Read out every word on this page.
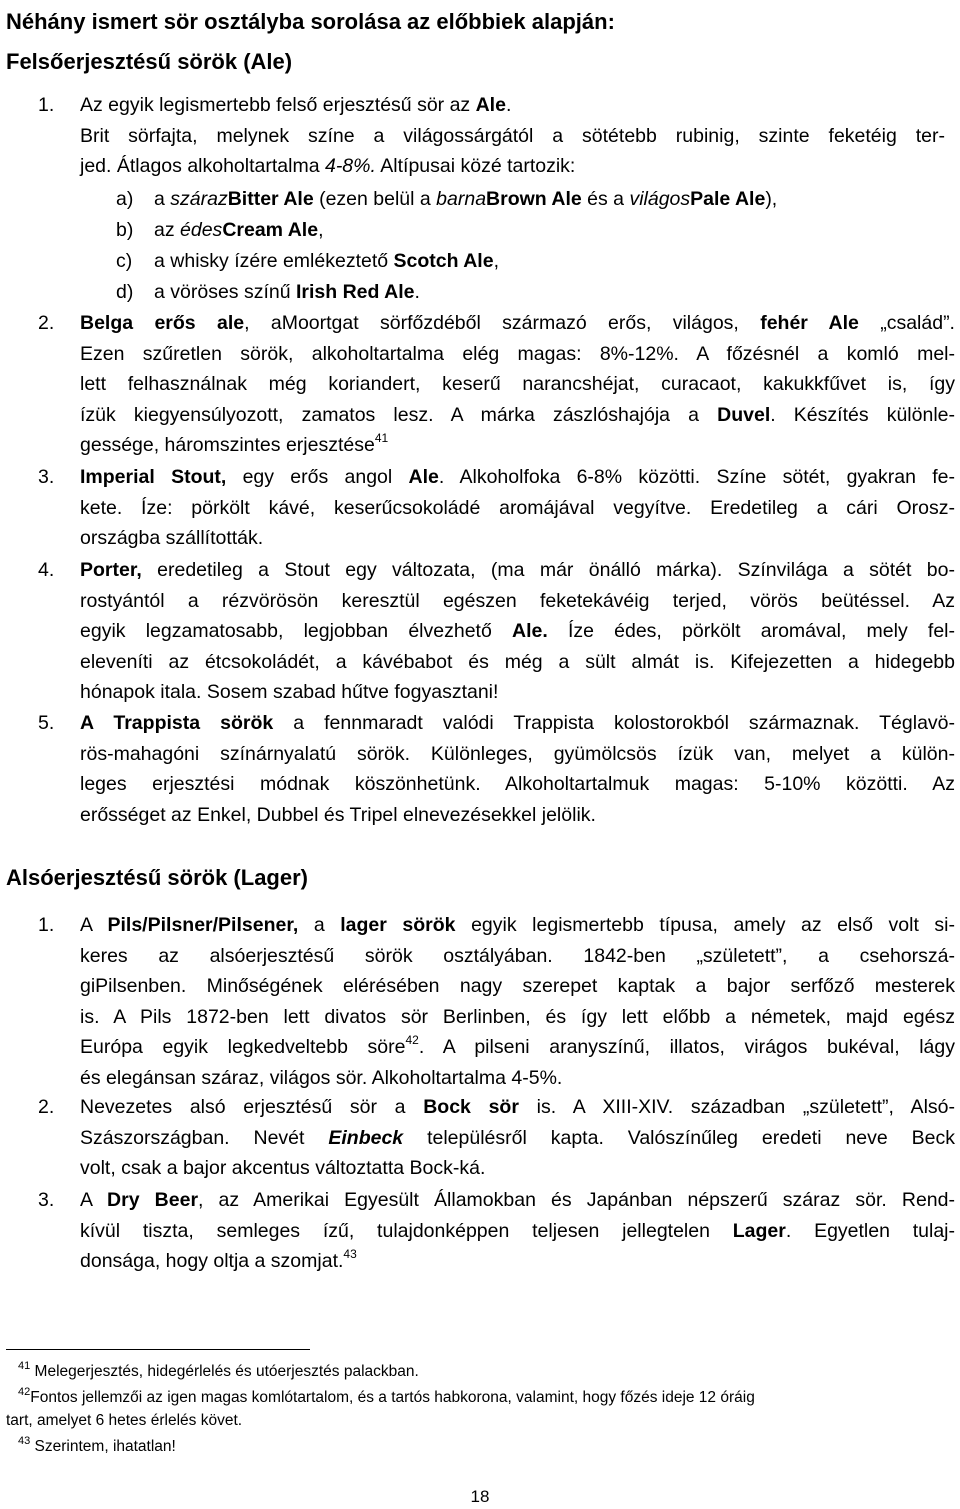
Néhány ismert sör osztályba sorolása az előbbiek alapján:
Felsőerjesztésű sörök (Ale)
1. Az egyik legismertebb felső erjesztésű sör az Ale.
Brit sörfajta, melynek színe a világossárgától a sötétebb rubinig, szinte feketéig ter-
jed. Átlagos alkoholtartalma 4-8%. Altípusai közé tartozik:
a) a szárazBitter Ale (ezen belül a barnaBrown Ale és a világosPale Ale),
b) az édesCream Ale,
c) a whisky ízére emlékeztető Scotch Ale,
d) a vöröses színű Irish Red Ale.
2. Belga erős ale, aMoortgat sörfőzdéből származó erős, világos, fehér Ale „család”.
Ezen szűretlen sörök, alkoholtartalma elég magas: 8%-12%. A főzésnél a komló mel-
lett felhasználnak még koriandert, keserű narancshéjat, curacaot, kakukkfűvet is, így
ízük kiegyensúlyozott, zamatos lesz. A márka zászlóshajója a Duvel. Készítés különle-
gessége, háromszintes erjesztése$^{41}$
3. Imperial Stout, egy erős angol Ale. Alkoholfoka 6-8% közötti. Színe sötét, gyakran fe-
kete. Íze: pörkölt kávé, keserűcsokoládé aromájával vegyítve. Eredetileg a cári Orosz-
országba szállították.
4. Porter, eredetileg a Stout egy változata, (ma már önálló márka). Színvilága a sötét bo-
rostyántól a rézvörösön keresztül egészen feketekávéig terjed, vörös beütéssel. Az
egyik legzamatosabb, legjobban élvezhető Ale. Íze édes, pörkölt aromával, mely fel-
eleveníti az étcsokoládét, a kávébabot és még a sült almát is. Kifejezetten a hidegebb
hónapok itala. Sosem szabad hűtve fogyasztani!
5. A Trappista sörök a fennmaradt valódi Trappista kolostorokból származnak. Téglavö-
rös-mahagóni színárnyalatú sörök. Különleges, gyümölcsös ízük van, melyet a külön-
leges erjesztési módnak köszönhetünk. Alkoholtartalmuk magas: 5-10% közötti. Az
erősséget az Enkel, Dubbel és Tripel elnevezésekkel jelölik.
Alsóerjesztésű sörök (Lager)
1. A Pils/Pilsner/Pilsener, a lager sörök egyik legismertebb típusa, amely az első volt si-
keres az alsóerjesztésű sörök osztályában. 1842-ben „született”, a csehorszá-
giPilsenben. Minőségének elérésében nagy szerepet kaptak a bajor serfőző mesterek
is. A Pils 1872-ben lett divatos sör Berlinben, és így lett előbb a németek, majd egész
Európa egyik legkedveltebb söre$^{42}$. A pilseni aranyszínű, illatos, virágos bukéval, lágy
és elegánsan száraz, világos sör. Alkoholtartalma 4-5%.
2. Nevezetes alsó erjesztésű sör a Bock sör is. A XIII-XIV. században „született”, Alsó-
Szászországban. Nevét Einbeck településről kapta. Valószínűleg eredeti neve Beck
volt, csak a bajor akcentus változtatta Bock-ká.
3. A Dry Beer, az Amerikai Egyesült Államokban és Japánban népszerű száraz sör. Rend-
kívül tiszta, semleges ízű, tulajdonképpen teljesen jellegtelen Lager. Egyetlen tulaj-
donsága, hogy oltja a szomjat.$^{43}$
$^{41}$ Melegerjesztés, hidegérlelés és utóerjesztés palackban.
$^{42}$Fontos jellemzői az igen magas komlótartalom, és a tartós habkorona, valamint, hogy főzés ideje 12 óráig
tart, amelyet 6 hetes érlelés követ.
$^{43}$ Szerintem, ihatatlan!
18
